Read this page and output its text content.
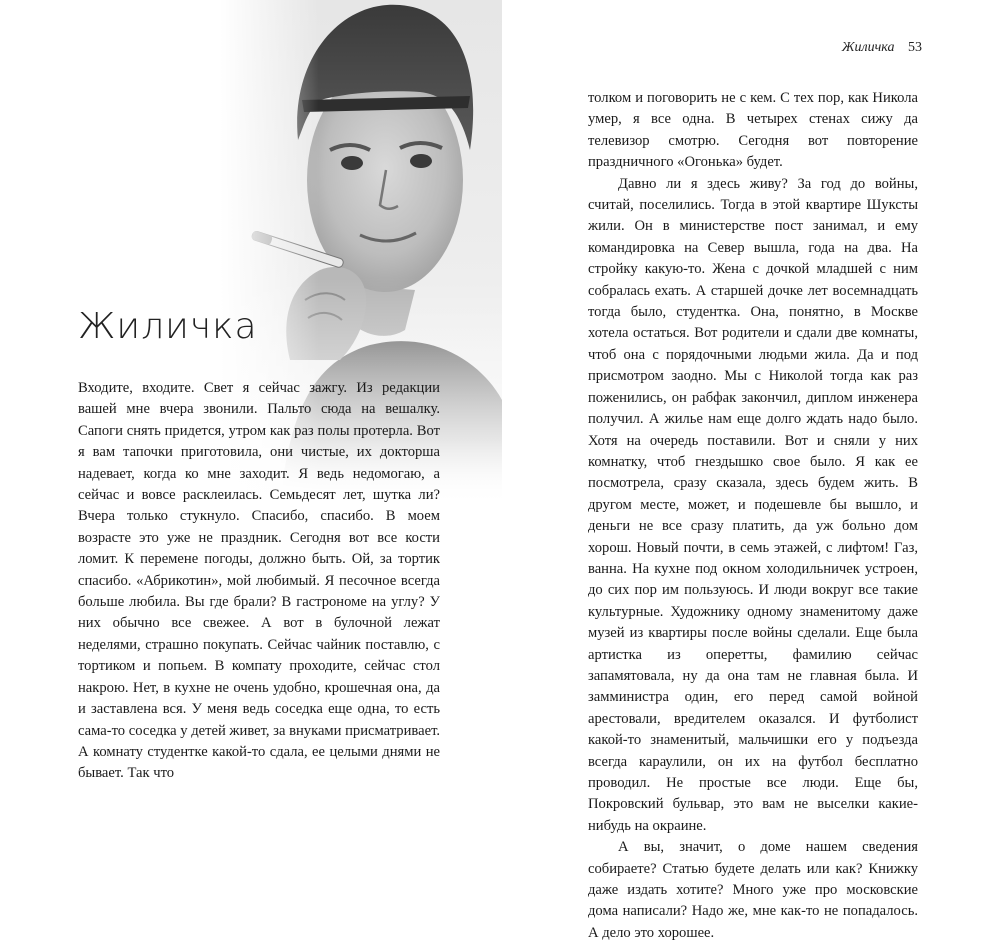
Жиличка

Входите, входите. Свет я сейчас зажгу. Из редакции вашей мне вчера звонили. Пальто сюда на вешалку. Сапоги снять придется, утром как раз полы протерла. Вот я вам тапочки приготовила, они чистые, их докторша надевает, когда ко мне заходит. Я ведь недомогаю, а сейчас и вовсе расклеилась. Семьдесят лет, шутка ли? Вчера только стукнуло. Спасибо, спасибо. В моем возрасте это уже не праздник. Сегодня вот все кости ломит. К перемене погоды, должно быть. Ой, за тортик спасибо. «Абрикотин», мой любимый. Я песочное всегда больше любила. Вы где брали? В гастрономе на углу? У них обычно все свежее. А вот в булочной лежат неделями, страшно покупать. Сейчас чайник поставлю, с тортиком и попьем. В компату проходите, сейчас стол накрою. Нет, в кухне не очень удобно, крошечная она, да и заставлена вся. У меня ведь соседка еще одна, то есть сама-то соседка у детей живет, за внуками присматривает. А комнату студентке какой-то сдала, ее целыми днями не бывает. Так что

Жиличка 53

толком и поговорить не с кем. С тех пор, как Никола умер, я все одна. В четырех стенах сижу да телевизор смотрю. Сегодня вот повторение праздничного «Огонька» будет.

Давно ли я здесь живу? За год до войны, считай, поселились. Тогда в этой квартире Шуксты жили. Он в министерстве пост занимал, и ему командировка на Север вышла, года на два. На стройку какую-то. Жена с дочкой младшей с ним собралась ехать. А старшей дочке лет восемнадцать тогда было, студентка. Она, понятно, в Москве хотела остаться. Вот родители и сдали две комнаты, чтоб она с порядочными людьми жила. Да и под присмотром заодно. Мы с Николой тогда как раз поженились, он рабфак закончил, диплом инженера получил. А жилье нам еще долго ждать надо было. Хотя на очередь поставили. Вот и сняли у них комнатку, чтоб гнездышко свое было. Я как ее посмотрела, сразу сказала, здесь будем жить. В другом месте, может, и подешевле бы вышло, и деньги не все сразу платить, да уж больно дом хорош. Новый почти, в семь этажей, с лифтом! Газ, ванна. На кухне под окном холодильничек устроен, до сих пор им пользуюсь. И люди вокруг все такие культурные. Художнику одному знаменитому даже музей из квартиры после войны сделали. Еще была артистка из оперетты, фамилию сейчас запамятовала, ну да она там не главная была. И замминистра один, его перед самой войной арестовали, вредителем оказался. И футболист какой-то знаменитый, мальчишки его у подъезда всегда караулили, он их на футбол бесплатно проводил. Не простые все люди. Еще бы, Покровский бульвар, это вам не выселки какие-нибудь на окраине.

А вы, значит, о доме нашем сведения собираете? Статью будете делать или как? Книжку даже издать хотите? Много уже про московские дома написали? Надо же, мне как-то не попадалось. А дело это хорошее.
